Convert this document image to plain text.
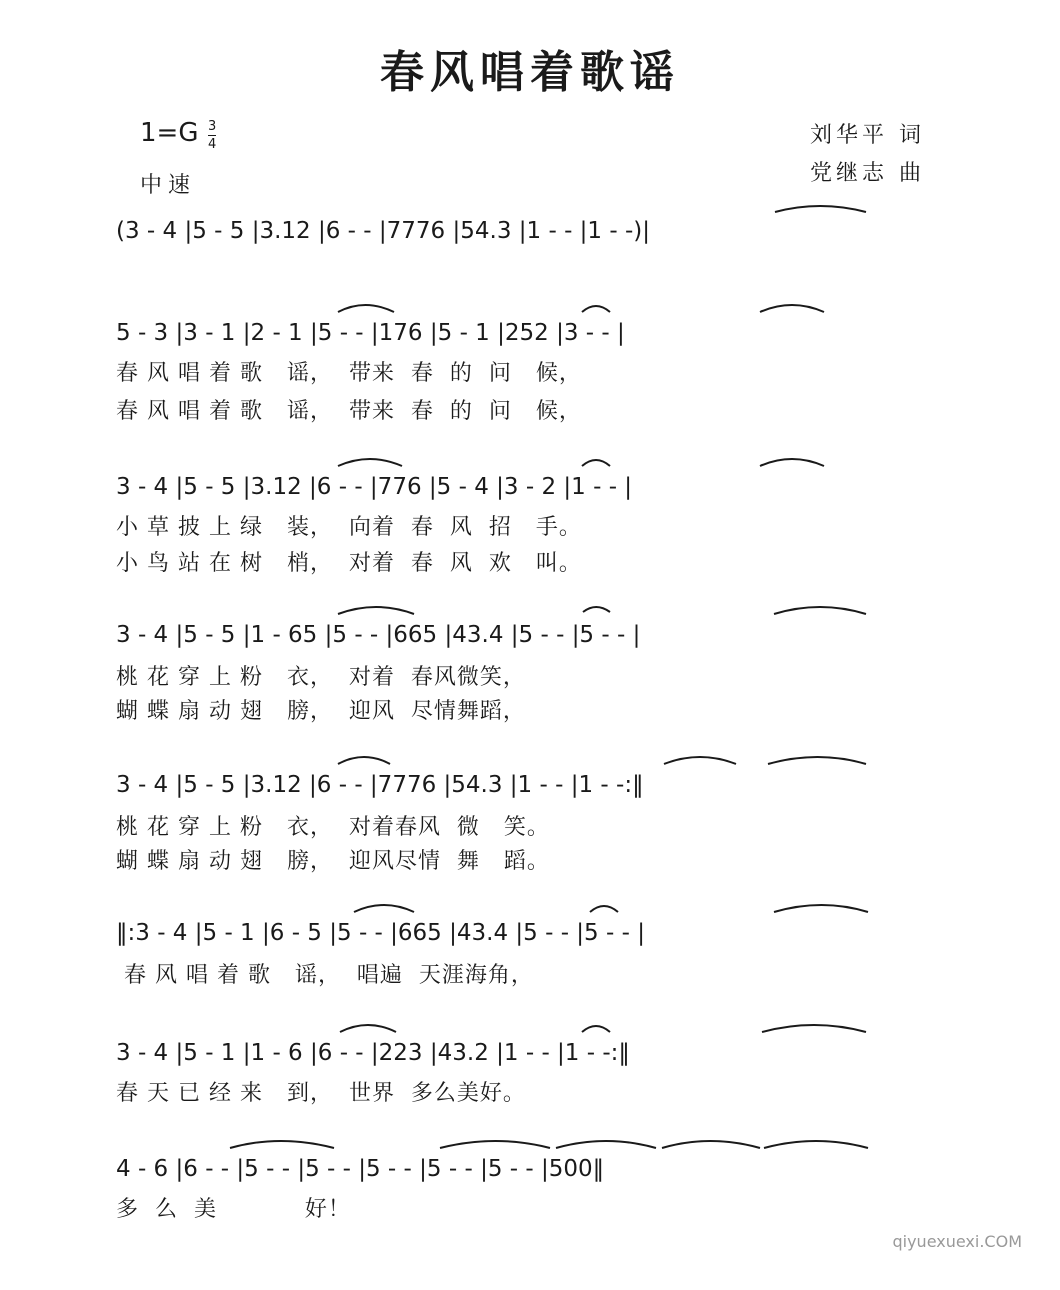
春风唱着歌谣
1=G 3
4
中速
刘华平 词
党继志 曲
(3 - 4 |5 - 5 |3.12 |6 - - |7776 |54.3 |1 - - |1 - -)|
5 - 3 |3 - 1 |2 - 1 |5 - - |176 |5 - 1 |252 |3 - - |
3 - 4 |5 - 5 |3.12 |6 - - |776 |5 - 4 |3 - 2 |1 - - |
3 - 4 |5 - 5 |1 - 65 |5 - - |665 |43.4 |5 - - |5 - - |
3 - 4 |5 - 5 |3.12 |6 - - |7776 |54.3 |1 - - |1 - -:‖
‖:3 - 4 |5 - 1 |6 - 5 |5 - - |665 |43.4 |5 - - |5 - - |
3 - 4 |5 - 1 |1 - 6 |6 - - |223 |43.2 |1 - - |1 - -:‖
4 - 6 |6 - - |5 - - |5 - - |5 - - |5 - - |5 - - |500‖
春 风 唱 着 歌   谣，  带来  春  的  问   候，
春 风 唱 着 歌   谣，  带来  春  的  问   候，
小 草 披 上 绿   装，  向着  春  风  招   手。
小 鸟 站 在 树   梢，  对着  春  风  欢   叫。
桃 花 穿 上 粉   衣，  对着  春风微笑，
蝴 蝶 扇 动 翅   膀，  迎风  尽情舞蹈，
桃 花 穿 上 粉   衣，  对着春风  微   笑。
蝴 蝶 扇 动 翅   膀，  迎风尽情  舞   蹈。
春 风 唱 着 歌   谣，  唱遍  天涯海角，
春 天 已 经 来   到，  世界  多么美好。
多  么  美           好！
qiyuexuexi.COM
